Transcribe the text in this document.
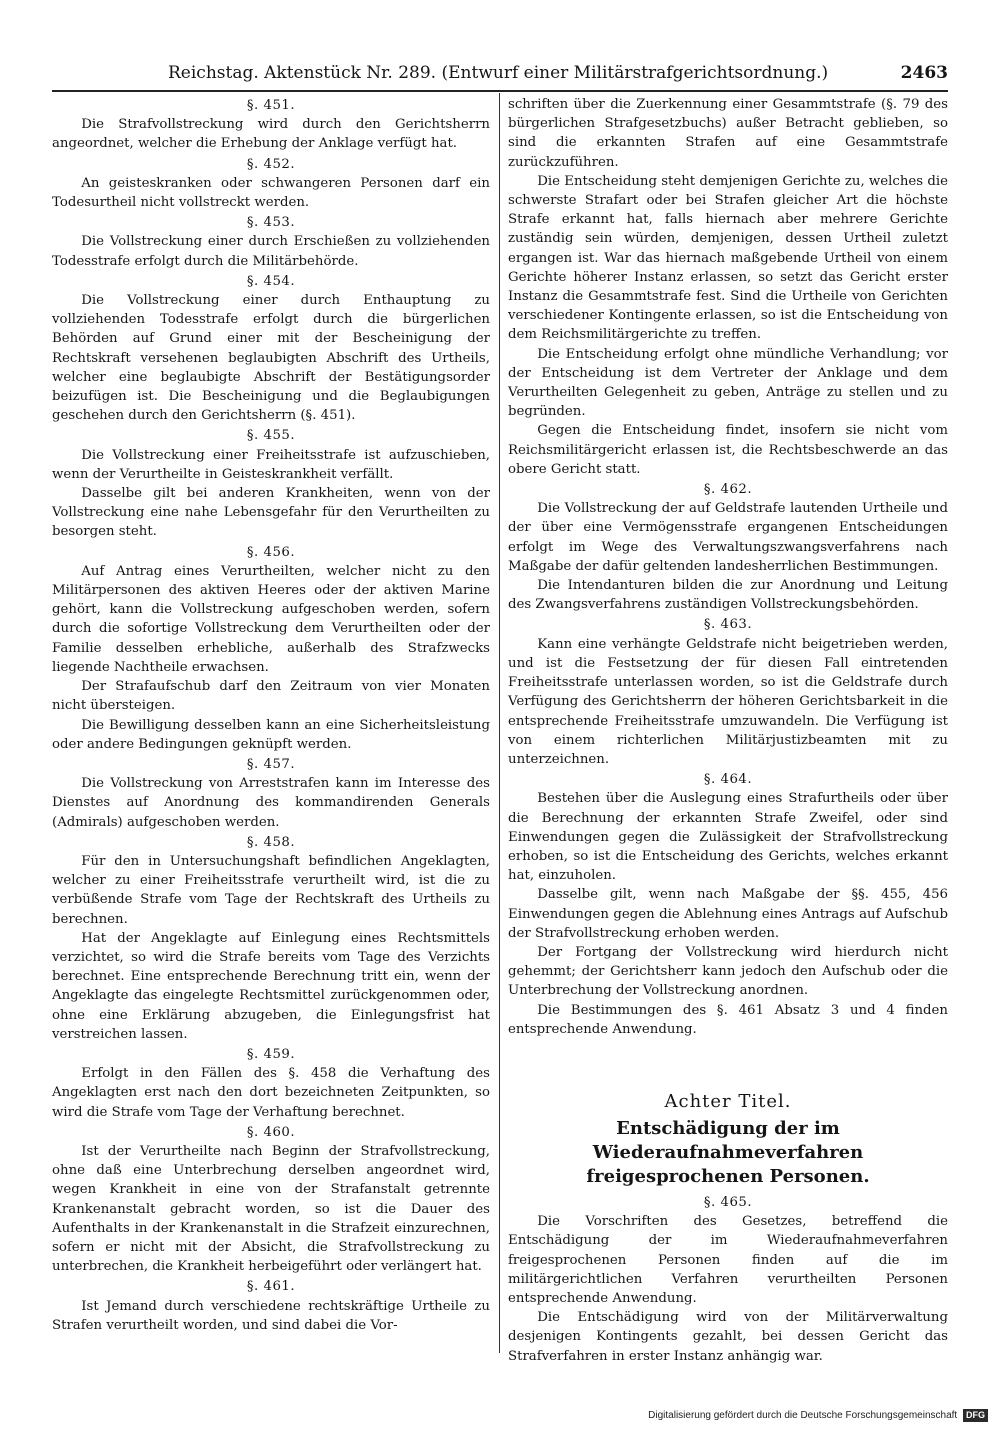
Reichstag. Aktenstück Nr. 289. (Entwurf einer Militärstrafgerichtsordnung.)	2463
§. 451.

Die Strafvollstreckung wird durch den Gerichtsherrn angeordnet, welcher die Erhebung der Anklage verfügt hat.

§. 452.

An geisteskranken oder schwangeren Personen darf ein Todesurtheil nicht vollstreckt werden.

§. 453.

Die Vollstreckung einer durch Erschießen zu vollziehenden Todesstrafe erfolgt durch die Militärbehörde.

§. 454.

Die Vollstreckung einer durch Enthauptung zu vollziehenden Todesstrafe erfolgt durch die bürgerlichen Behörden auf Grund einer mit der Bescheinigung der Rechtskraft versehenen beglaubigten Abschrift des Urtheils, welcher eine beglaubigte Abschrift der Bestätigungsorder beizufügen ist. Die Bescheinigung und die Beglaubigungen geschehen durch den Gerichtsherrn (§. 451).

§. 455.

Die Vollstreckung einer Freiheitsstrafe ist aufzuschieben, wenn der Verurtheilte in Geisteskrankheit verfällt.

Dasselbe gilt bei anderen Krankheiten, wenn von der Vollstreckung eine nahe Lebensgefahr für den Verurtheilten zu besorgen steht.

§. 456.

Auf Antrag eines Verurtheilten, welcher nicht zu den Militärpersonen des aktiven Heeres oder der aktiven Marine gehört, kann die Vollstreckung aufgeschoben werden, sofern durch die sofortige Vollstreckung dem Verurtheilten oder der Familie desselben erhebliche, außerhalb des Strafzwecks liegende Nachtheile erwachsen.

Der Strafaufschub darf den Zeitraum von vier Monaten nicht übersteigen.

Die Bewilligung desselben kann an eine Sicherheitsleistung oder andere Bedingungen geknüpft werden.

§. 457.

Die Vollstreckung von Arreststrafen kann im Interesse des Dienstes auf Anordnung des kommandirenden Generals (Admirals) aufgeschoben werden.

§. 458.

Für den in Untersuchungshaft befindlichen Angeklagten, welcher zu einer Freiheitsstrafe verurtheilt wird, ist die zu verbüßende Strafe vom Tage der Rechtskraft des Urtheils zu berechnen.

Hat der Angeklagte auf Einlegung eines Rechtsmittels verzichtet, so wird die Strafe bereits vom Tage des Verzichts berechnet. Eine entsprechende Berechnung tritt ein, wenn der Angeklagte das eingelegte Rechtsmittel zurückgenommen oder, ohne eine Erklärung abzugeben, die Einlegungsfrist hat verstreichen lassen.

§. 459.

Erfolgt in den Fällen des §. 458 die Verhaftung des Angeklagten erst nach den dort bezeichneten Zeitpunkten, so wird die Strafe vom Tage der Verhaftung berechnet.

§. 460.

Ist der Verurtheilte nach Beginn der Strafvollstreckung, ohne daß eine Unterbrechung derselben angeordnet wird, wegen Krankheit in eine von der Strafanstalt getrennte Krankenanstalt gebracht worden, so ist die Dauer des Aufenthalts in der Krankenanstalt in die Strafzeit einzurechnen, sofern er nicht mit der Absicht, die Strafvollstreckung zu unterbrechen, die Krankheit herbeigeführt oder verlängert hat.

§. 461.

Ist Jemand durch verschiedene rechtskräftige Urtheile zu Strafen verurtheilt worden, und sind dabei die Vor-

schriften über die Zuerkennung einer Gesammtstrafe (§. 79 des bürgerlichen Strafgesetzbuchs) außer Betracht geblieben, so sind die erkannten Strafen auf eine Gesammtstrafe zurückzuführen.

Die Entscheidung steht demjenigen Gerichte zu, welches die schwerste Strafart oder bei Strafen gleicher Art die höchste Strafe erkannt hat, falls hiernach aber mehrere Gerichte zuständig sein würden, demjenigen, dessen Urtheil zuletzt ergangen ist. War das hiernach maßgebende Urtheil von einem Gerichte höherer Instanz erlassen, so setzt das Gericht erster Instanz die Gesammtstrafe fest. Sind die Urtheile von Gerichten verschiedener Kontingente erlassen, so ist die Entscheidung von dem Reichsmilitärgerichte zu treffen.

Die Entscheidung erfolgt ohne mündliche Verhandlung; vor der Entscheidung ist dem Vertreter der Anklage und dem Verurtheilten Gelegenheit zu geben, Anträge zu stellen und zu begründen.

Gegen die Entscheidung findet, insofern sie nicht vom Reichsmilitärgericht erlassen ist, die Rechtsbeschwerde an das obere Gericht statt.

§. 462.

Die Vollstreckung der auf Geldstrafe lautenden Urtheile und der über eine Vermögensstrafe ergangenen Entscheidungen erfolgt im Wege des Verwaltungszwangsverfahrens nach Maßgabe der dafür geltenden landesherrlichen Bestimmungen.

Die Intendanturen bilden die zur Anordnung und Leitung des Zwangsverfahrens zuständigen Vollstreckungsbehörden.

§. 463.

Kann eine verhängte Geldstrafe nicht beigetrieben werden, und ist die Festsetzung der für diesen Fall eintretenden Freiheitsstrafe unterlassen worden, so ist die Geldstrafe durch Verfügung des Gerichtsherrn der höheren Gerichtsbarkeit in die entsprechende Freiheitsstrafe umzuwandeln. Die Verfügung ist von einem richterlichen Militärjustizbeamten mit zu unterzeichnen.

§. 464.

Bestehen über die Auslegung eines Strafurtheils oder über die Berechnung der erkannten Strafe Zweifel, oder sind Einwendungen gegen die Zulässigkeit der Strafvollstreckung erhoben, so ist die Entscheidung des Gerichts, welches erkannt hat, einzuholen.

Dasselbe gilt, wenn nach Maßgabe der §§. 455, 456 Einwendungen gegen die Ablehnung eines Antrags auf Aufschub der Strafvollstreckung erhoben werden.

Der Fortgang der Vollstreckung wird hierdurch nicht gehemmt; der Gerichtsherr kann jedoch den Aufschub oder die Unterbrechung der Vollstreckung anordnen.

Die Bestimmungen des §. 461 Absatz 3 und 4 finden entsprechende Anwendung.

Achter Titel.
Entschädigung der im Wiederaufnahmeverfahren freigesprochenen Personen.
§. 465.

Die Vorschriften des Gesetzes, betreffend die Entschädigung der im Wiederaufnahmeverfahren freigesprochenen Personen finden auf die im militärgerichtlichen Verfahren verurtheilten Personen entsprechende Anwendung.

Die Entschädigung wird von der Militärverwaltung desjenigen Kontingents gezahlt, bei dessen Gericht das Strafverfahren in erster Instanz anhängig war.

Digitalisierung gefördert durch die Deutsche Forschungsgemeinschaft DFG
